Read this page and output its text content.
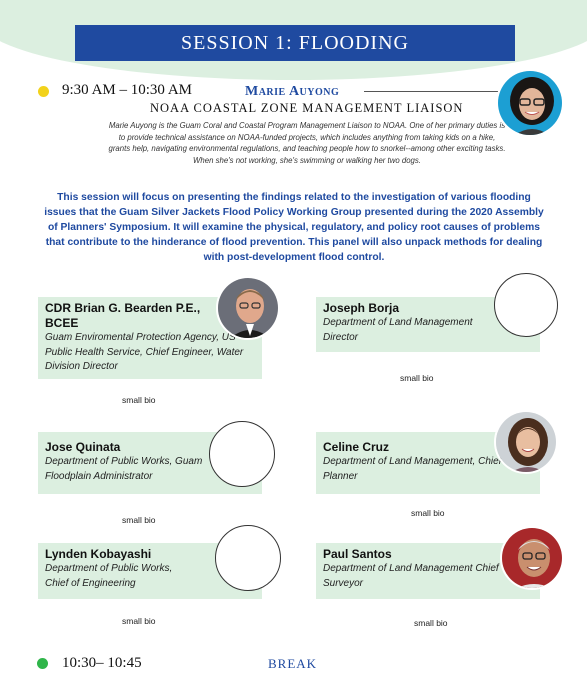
SESSION 1: FLOODING
9:30 AM – 10:30 AM	Marie Auyong
NOAA COASTAL ZONE MANAGEMENT LIAISON
Marie Auyong is the Guam Coral and Coastal Program Management Liaison to NOAA. One of her primary duties is to provide technical assistance on NOAA-funded projects, which includes anything from taking kids on a hike, grants help, navigating environmental regulations, and teaching people how to snorkel--among other exciting tasks. When she's not working, she's swimming or walking her two dogs.
This session will focus on presenting the findings related to the investigation of various flooding issues that the Guam Silver Jackets Flood Policy Working Group presented during the 2020 Assembly of Planners' Symposium. It will examine the physical, regulatory, and policy root causes of problems that contribute to the hinderance of flood prevention. This panel will also unpack methods for dealing with post-development flood control.
CDR Brian G. Bearden P.E., BCEE
Guam Enviromental Protection Agency, US Public Health Service, Chief Engineer, Water Division Director
small bio
Joseph Borja
Department of Land Management Director
small bio
Jose Quinata
Department of Public Works, Guam Floodplain Administrator
small bio
Celine Cruz
Department of Land Management, Chief Planner
small bio
Lynden Kobayashi
Department of Public Works, Chief of Engineering
small bio
Paul Santos
Department of Land Management Chief Surveyor
small bio
10:30– 10:45	BREAK
